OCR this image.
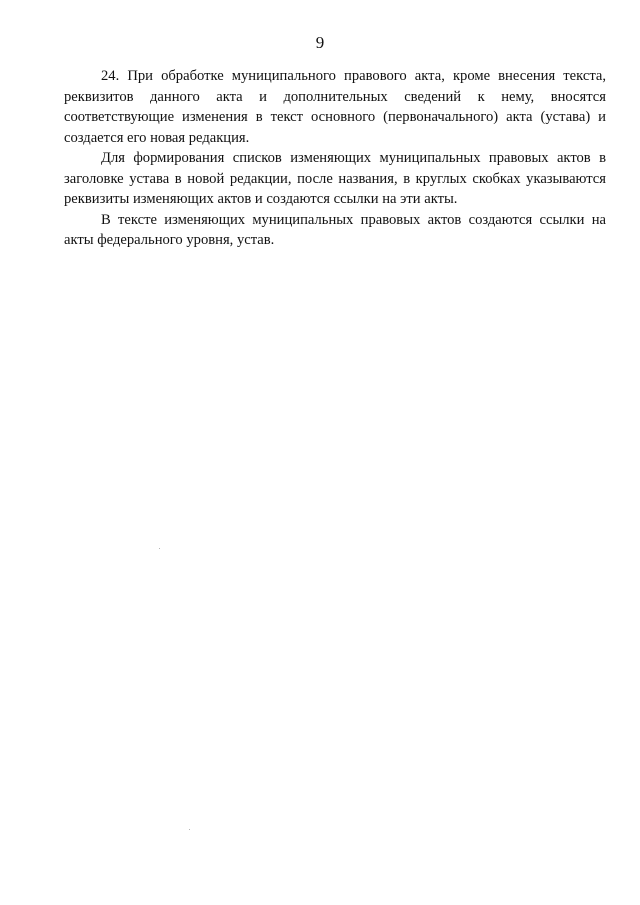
9

24. При обработке муниципального правового акта, кроме внесения текста, реквизитов данного акта и дополнительных сведений к нему, вносятся соответствующие изменения в текст основного (первоначального) акта (устава) и создается его новая редакция.

Для формирования списков изменяющих муниципальных правовых актов в заголовке устава в новой редакции, после названия, в круглых скобках указываются реквизиты изменяющих актов и создаются ссылки на эти акты.

В тексте изменяющих муниципальных правовых актов создаются ссылки на акты федерального уровня, устав.
